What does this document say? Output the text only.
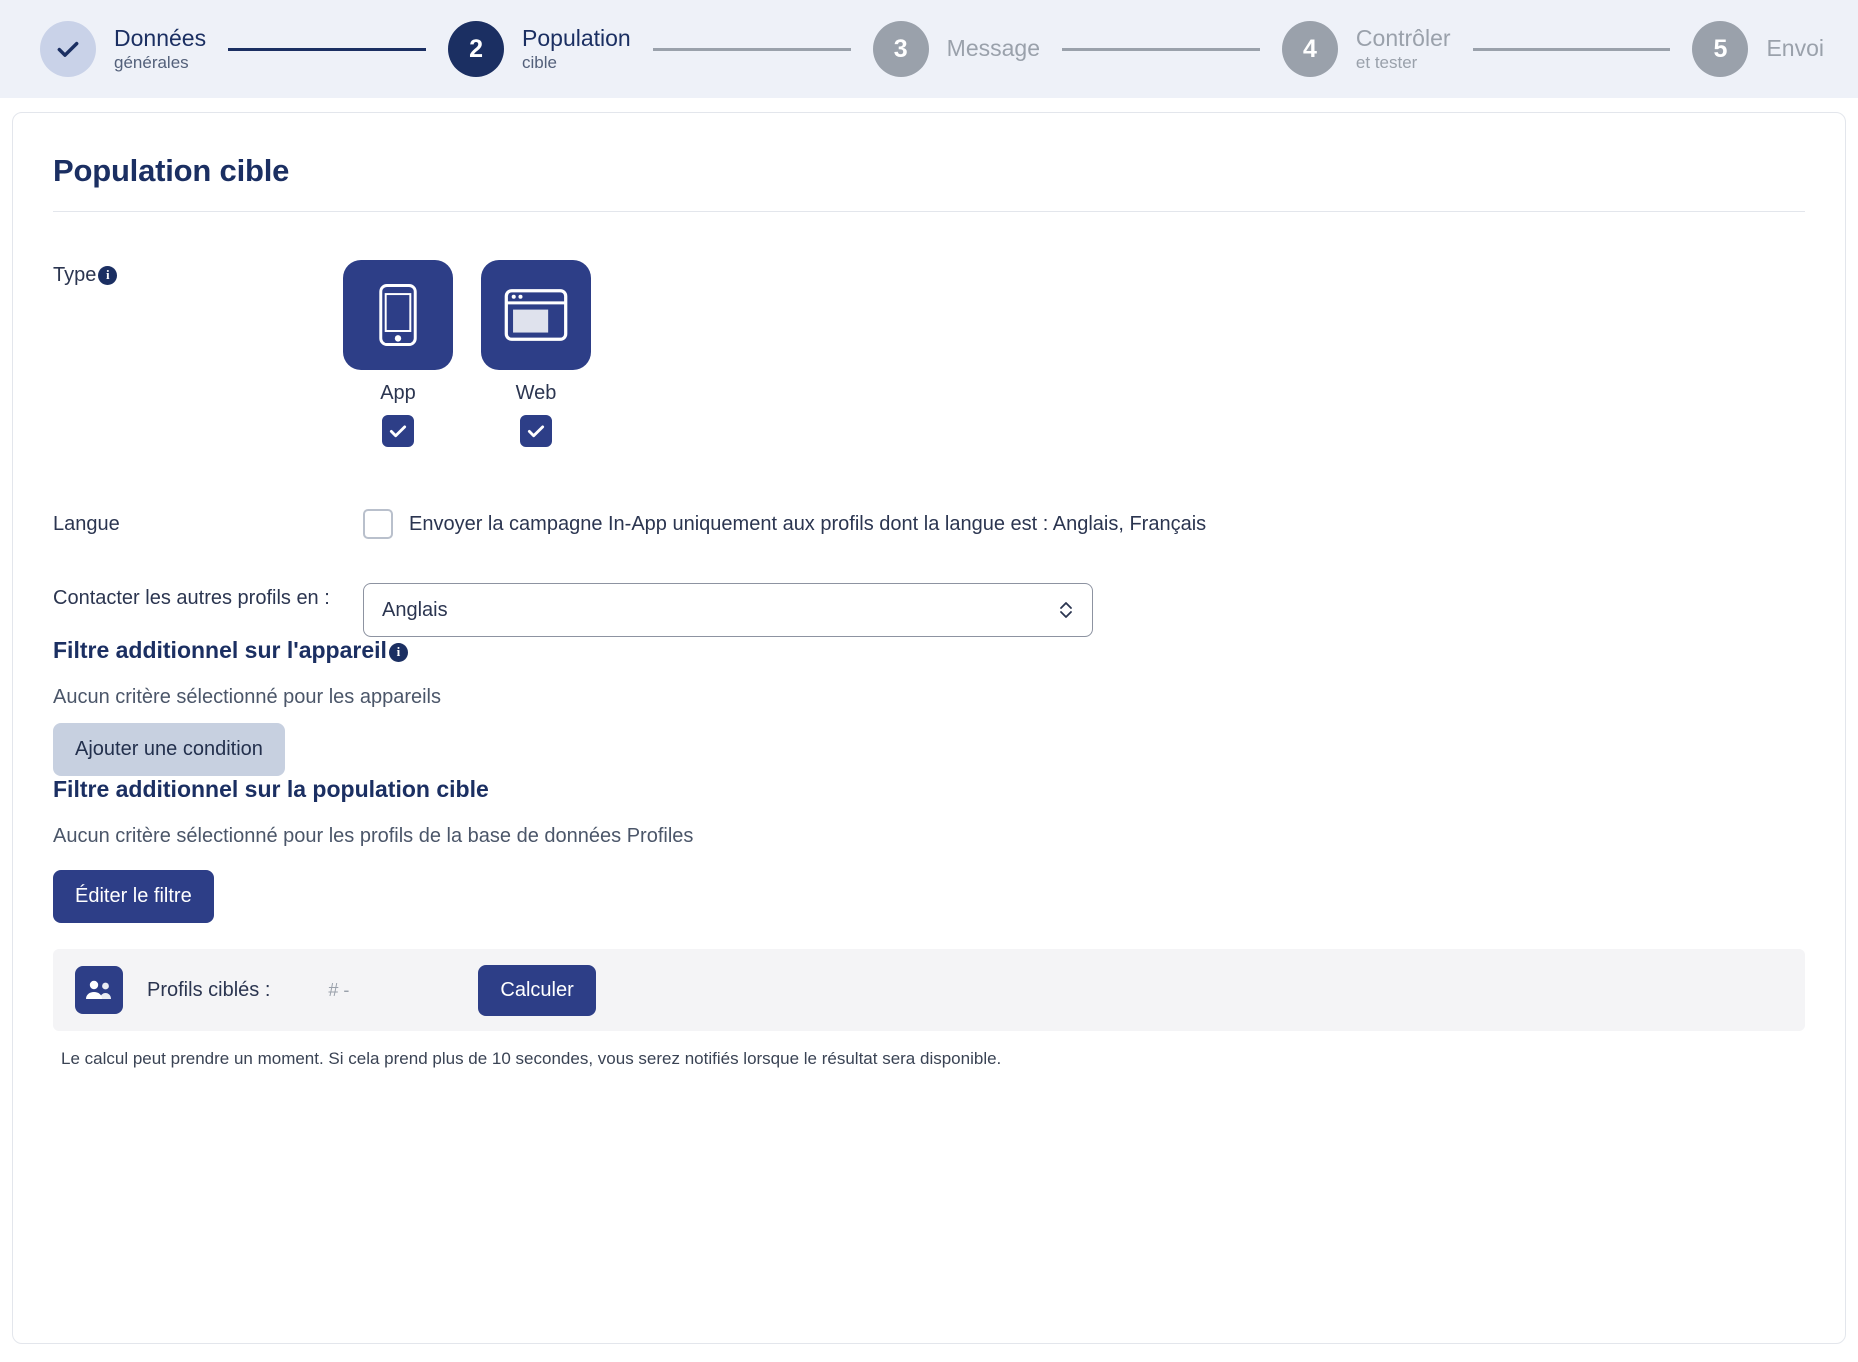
Données
générales	2	Population
cible	3	Message	4	Contrôler
et tester	5	Envoi
Population cible
Type i
App	Web
Langue	Envoyer la campagne In-App uniquement aux profils dont la langue est : Anglais, Français
Contacter les autres profils en :
Anglais
Filtre additionnel sur l'appareil i
Aucun critère sélectionné pour les appareils
Ajouter une condition
Filtre additionnel sur la population cible
Aucun critère sélectionné pour les profils de la base de données Profiles
Éditer le filtre
Profils ciblés :	# -	Calculer
Le calcul peut prendre un moment. Si cela prend plus de 10 secondes, vous serez notifiés lorsque le résultat sera disponible.
